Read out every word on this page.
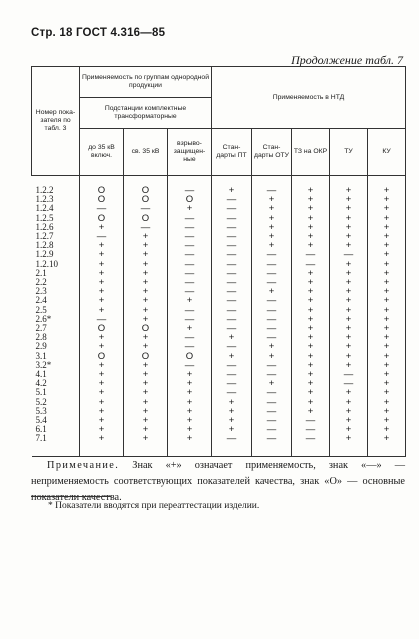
Стр. 18 ГОСТ 4.316—85
Продолжение табл. 7
Номер пока-зателя по табл. 3	Применяемость по группам однородной продукции			Применяемость в НТД				
	Подстанции комплектные трансформаторные							
	до 35 кВ включ.	св. 35 кВ	взрыво-защищен-ные	Стан-дарты ПТ	Стан-дарты ОТУ	ТЗ на ОКР	ТУ	КУ
1.2.2	O	O	—	+	—	+	+	+
1.2.3	O	O	O	—	+	+	+	+
1.2.4	—	—	+	—	+	+	+	+
1.2.5	O	O	—	—	+	+	+	+
1.2.6	+	—	—	—	+	+	+	+
1.2.7	—	+	—	—	+	+	+	+
1.2.8	+	+	—	—	+	+	+	+
1.2.9	+	+	—	—	—	—	—	+
1.2.10	+	+	—	—	—	—	+	+
2.1	+	+	—	—	—	+	+	+
2.2	+	+	—	—	—	+	+	+
2.3	+	+	—	—	+	+	+	+
2.4	+	+	+	—	—	+	+	+
2.5	+	+	—	—	—	+	+	+
2.6*	—	+	—	—	—	+	+	+
2.7	O	O	+	—	—	+	+	+
2.8	+	+	—	+	—	+	+	+
2.9	+	+	—	—	+	+	+	+
3.1	O	O	O	+	+	+	+	+
3.2*	+	+	—	—	—	+	+	+
4.1	+	+	+	—	—	+	—	+
4.2	+	+	+	—	+	+	—	+
5.1	+	+	+	—	—	+	+	+
5.2	+	+	+	+	—	+	+	+
5.3	+	+	+	+	—	+	+	+
5.4	+	+	+	+	—	—	+	+
6.1	+	+	+	+	—	—	+	+
7.1	+	+	+	—	—	—	+	+
Примечание. Знак «+» означает применяемость, знак «—» — неприменяемость соответствующих показателей качества, знак «O» — основные показатели качества.
* Показатели вводятся при переаттестации изделии.
